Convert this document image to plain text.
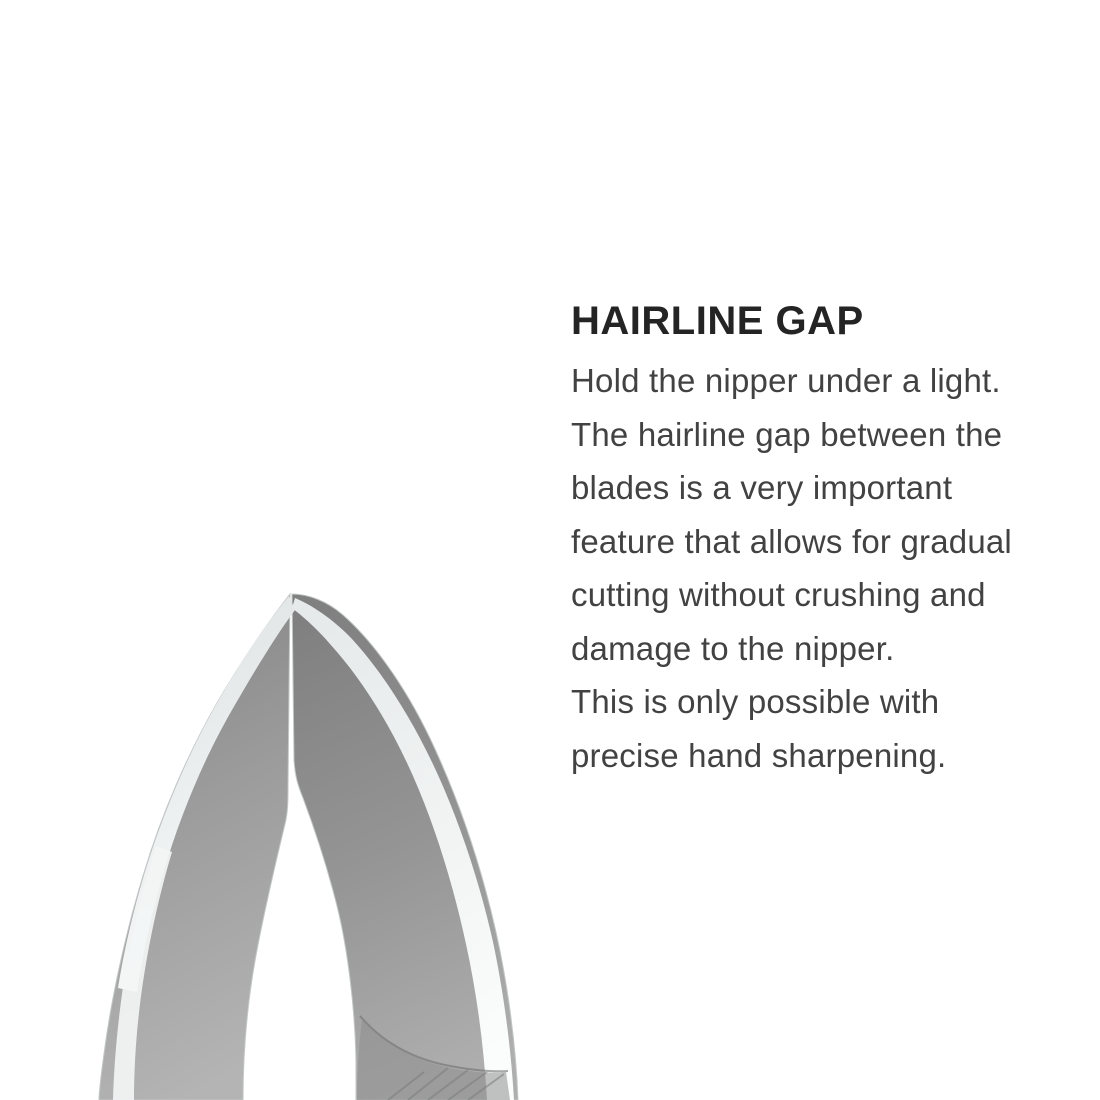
HAIRLINE GAP
Hold the nipper under a light.
The hairline gap between the
blades is a very important
feature that allows for gradual
cutting without crushing and
damage to the nipper.
This is only possible with
precise hand sharpening.
